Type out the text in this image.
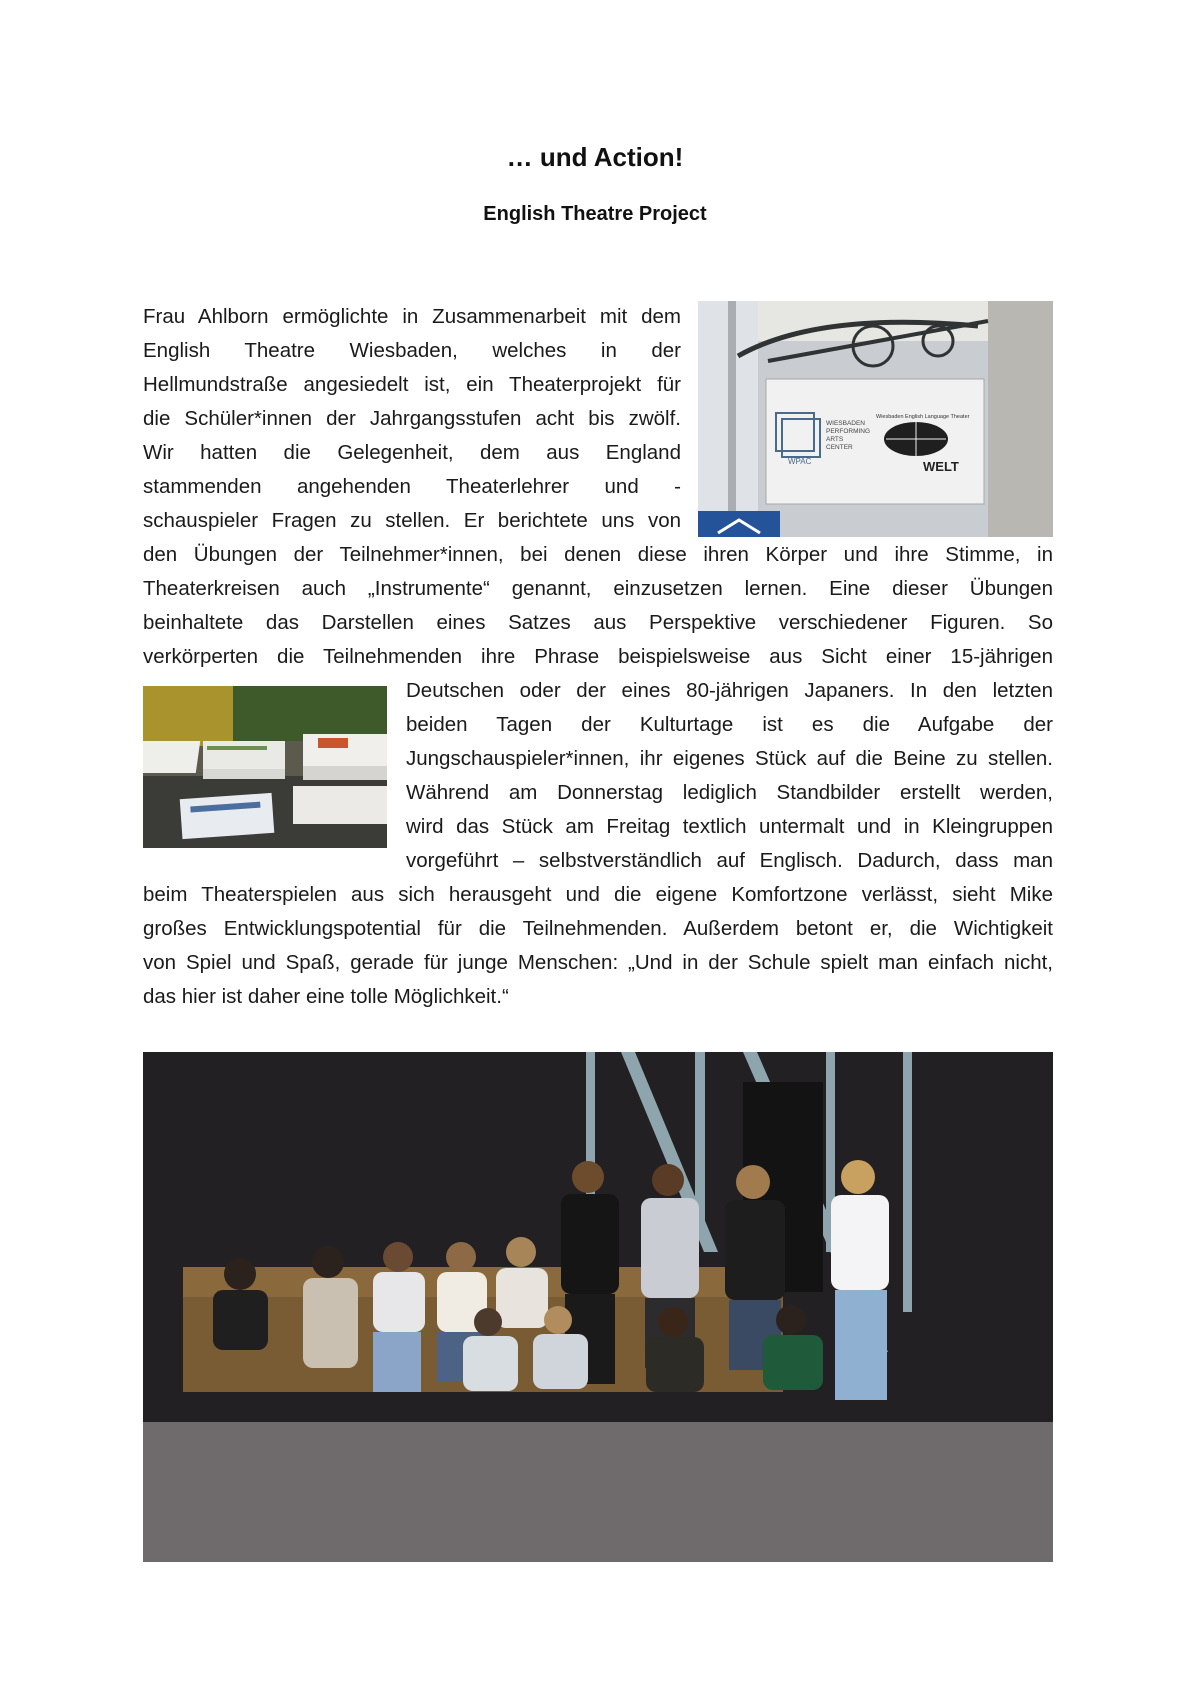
… und Action!
English Theatre Project
WIESBADEN
PERFORMING
ARTS
CENTER
WPAC
Wiesbaden English Language Theater
WELT
Frau Ahlborn ermöglichte in Zusammenarbeit mit dem
English Theatre Wiesbaden, welches in der
Hellmundstraße angesiedelt ist, ein Theaterprojekt für
die Schüler*innen der Jahrgangsstufen acht bis zwölf.
Wir hatten die Gelegenheit, dem aus England
stammenden angehenden Theaterlehrer und -
schauspieler Fragen zu stellen. Er berichtete uns von
den Übungen der Teilnehmer*innen, bei denen diese ihren Körper und ihre Stimme, in
Theaterkreisen auch „Instrumente“ genannt, einzusetzen lernen. Eine dieser Übungen
beinhaltete das Darstellen eines Satzes aus Perspektive verschiedener Figuren. So
verkörperten die Teilnehmenden ihre Phrase beispielsweise aus Sicht einer 15-jährigen
Deutschen oder der eines 80-jährigen Japaners. In den letzten
beiden Tagen der Kulturtage ist es die Aufgabe der
Jungschauspieler*innen, ihr eigenes Stück auf die Beine zu stellen.
Während am Donnerstag lediglich Standbilder erstellt werden,
wird das Stück am Freitag textlich untermalt und in Kleingruppen
vorgeführt – selbstverständlich auf Englisch. Dadurch, dass man
beim Theaterspielen aus sich herausgeht und die eigene Komfortzone verlässt, sieht Mike
großes Entwicklungspotential für die Teilnehmenden. Außerdem betont er, die Wichtigkeit
von Spiel und Spaß, gerade für junge Menschen: „Und in der Schule spielt man einfach nicht,
das hier ist daher eine tolle Möglichkeit.“
